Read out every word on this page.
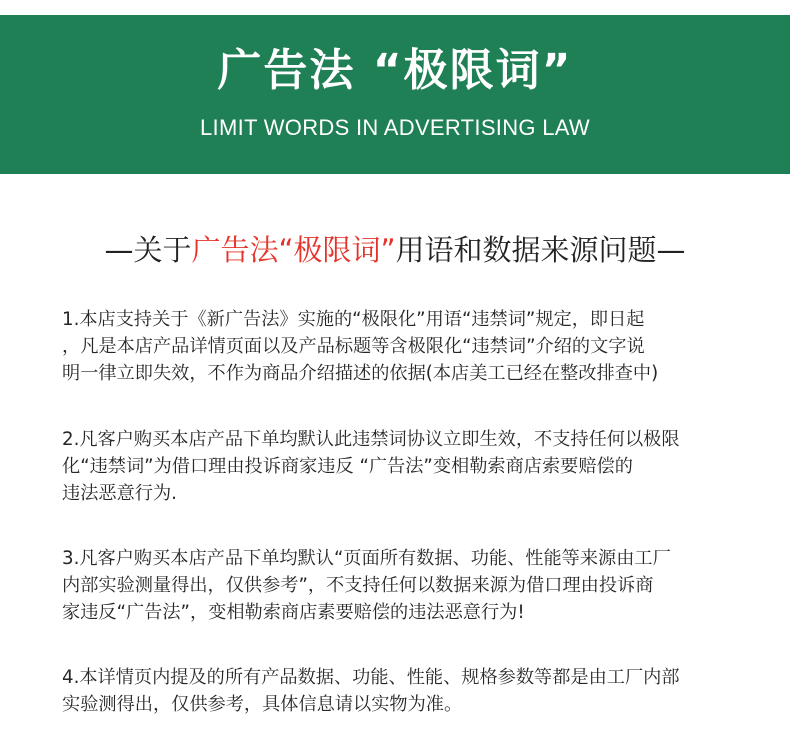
广告法 “极限词”
LIMIT WORDS IN ADVERTISING LAW
—关于广告法“极限词”用语和数据来源问题—
1.本店支持关于《新广告法》实施的“极限化”用语“违禁词”规定，即日起
，凡是本店产品详情页面以及产品标题等含极限化“违禁词”介绍的文字说
明一律立即失效，不作为商品介绍描述的依据(本店美工已经在整改排查中)
2.凡客户购买本店产品下单均默认此违禁词协议立即生效，不支持任何以极限
化“违禁词”为借口理由投诉商家违反 “广告法”变相勒索商店索要赔偿的
违法恶意行为.
3.凡客户购买本店产品下单均默认“页面所有数据、功能、性能等来源由工厂
内部实验测量得出，仅供参考”，不支持任何以数据来源为借口理由投诉商
家违反“广告法”，变相勒索商店素要赔偿的违法恶意行为!
4.本详情页内提及的所有产品数据、功能、性能、规格参数等都是由工厂内部
实验测得出，仅供参考，具体信息请以实物为准。
